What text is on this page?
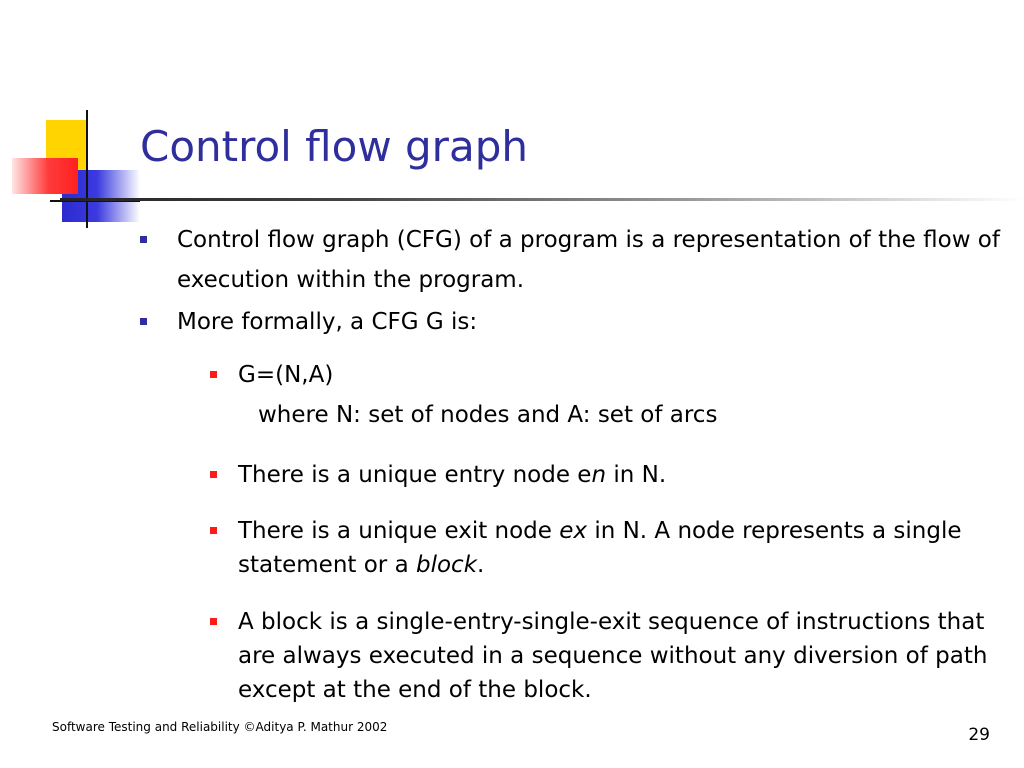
Control flow graph
Control flow graph (CFG) of a program is a representation of the flow of execution within the program.
More formally, a CFG G is:
G=(N,A)
where N: set of nodes and A: set of arcs
There is a unique entry node en in N.
There is a unique exit node ex in N. A node represents a single statement or a block.
A block is a single-entry-single-exit sequence of instructions that are always executed in a sequence without any diversion of path except at the end of the block.
Software Testing and Reliability ©Aditya P. Mathur 2002	29
